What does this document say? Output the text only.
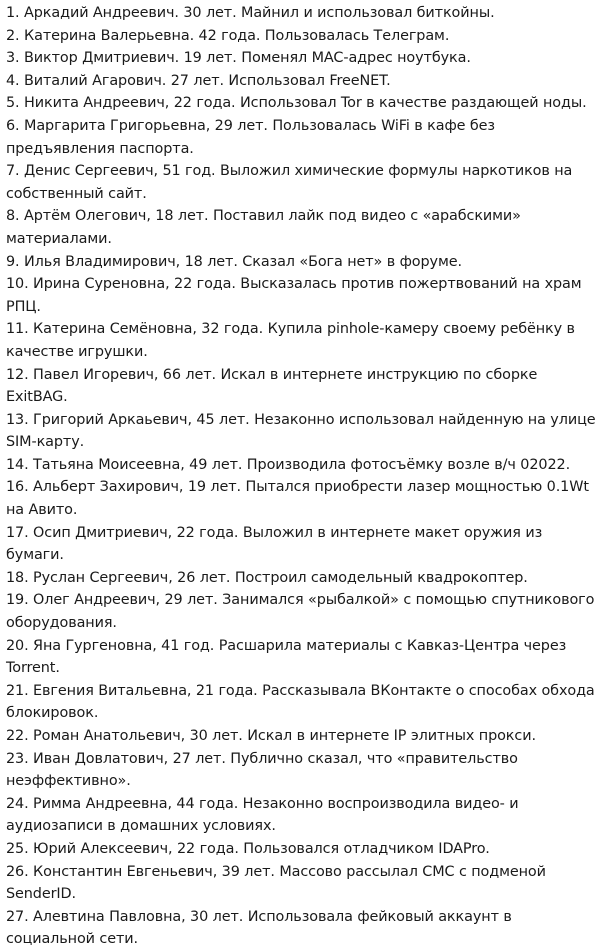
1. Аркадий Андреевич. 30 лет. Майнил и использовал биткойны.
2. Катерина Валерьевна. 42 года. Пользовалась Телеграм.
3. Виктор Дмитриевич. 19 лет. Поменял MAC-адрес ноутбука.
4. Виталий Агарович. 27 лет. Использовал FreeNET.
5. Никита Андреевич, 22 года. Использовал Tor в качестве раздающей ноды.
6. Маргарита Григорьевна, 29 лет. Пользовалась WiFi в кафе без предъявления паспорта.
7. Денис Сергеевич, 51 год. Выложил химические формулы наркотиков на собственный сайт.
8. Артём Олегович, 18 лет. Поставил лайк под видео с «арабскими» материалами.
9. Илья Владимирович, 18 лет. Сказал «Бога нет» в форуме.
10. Ирина Суреновна, 22 года. Высказалась против пожертвований на храм РПЦ.
11. Катерина Семёновна, 32 года. Купила pinhole-камеру своему ребёнку в качестве игрушки.
12. Павел Игоревич, 66 лет. Искал в интернете инструкцию по сборке ExitBAG.
13. Григорий Аркаьевич, 45 лет. Незаконно использовал найденную на улице SIM-карту.
14. Татьяна Моисеевна, 49 лет. Производила фотосъёмку возле в/ч 02022.
16. Альберт Захирович, 19 лет. Пытался приобрести лазер мощностью 0.1Wt на Авито.
17. Осип Дмитриевич, 22 года. Выложил в интернете макет оружия из бумаги.
18. Руслан Сергеевич, 26 лет. Построил самодельный квадрокоптер.
19. Олег Андреевич, 29 лет. Занимался «рыбалкой» с помощью спутникового оборудования.
20. Яна Гургеновна, 41 год. Расшарила материалы с Кавказ-Центра через Torrent.
21. Евгения Витальевна, 21 года. Рассказывала ВКонтакте о способах обхода блокировок.
22. Роман Анатольевич, 30 лет. Искал в интернете IP элитных прокси.
23. Иван Довлатович, 27 лет. Публично сказал, что «правительство неэффективно».
24. Римма Андреевна, 44 года. Незаконно воспроизводила видео- и аудиозаписи в домашних условиях.
25. Юрий Алексеевич, 22 года. Пользовался отладчиком IDAPro.
26. Константин Евгеньевич, 39 лет. Массово рассылал СМС с подменой SenderID.
27. Алевтина Павловна, 30 лет. Использовала фейковый аккаунт в социальной сети.
